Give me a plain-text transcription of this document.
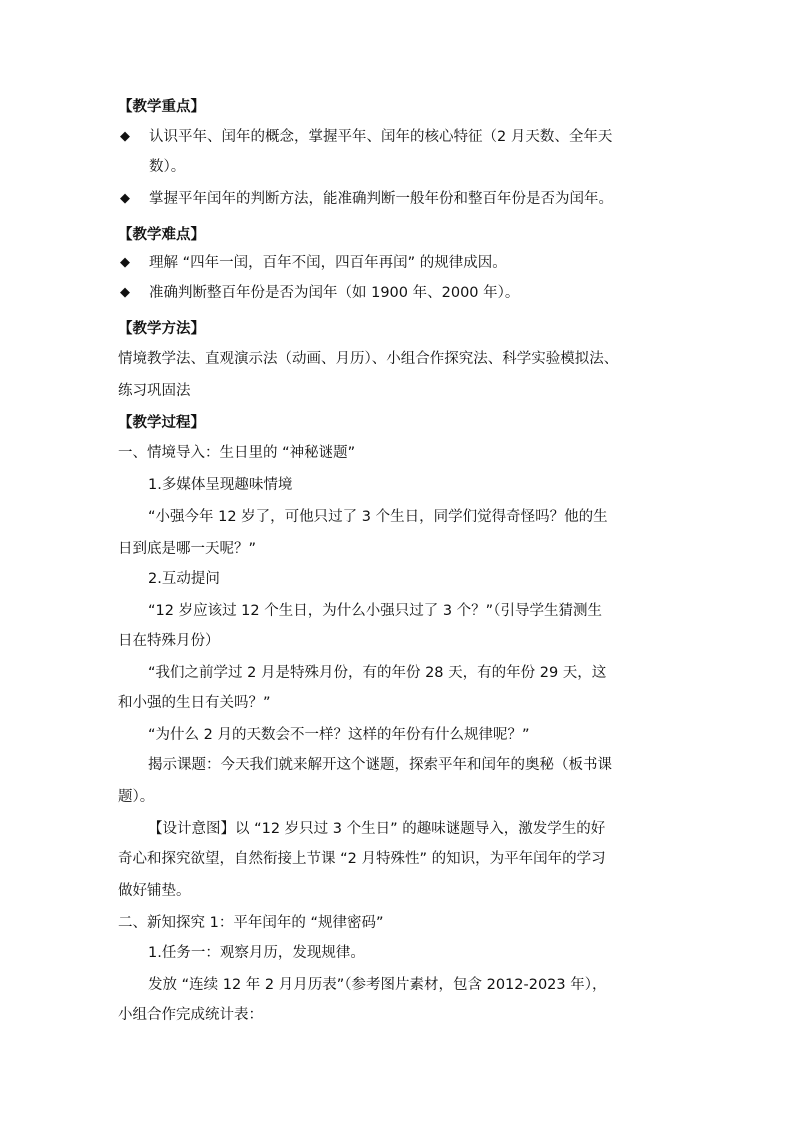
【教学重点】
◆ 认识平年、闰年的概念，掌握平年、闰年的核心特征（2 月天数、全年天
数）。
◆ 掌握平年闰年的判断方法，能准确判断一般年份和整百年份是否为闰年。
【教学难点】
◆ 理解 “四年一闰，百年不闰，四百年再闰” 的规律成因。
◆ 准确判断整百年份是否为闰年（如 1900 年、2000 年）。
【教学方法】
情境教学法、直观演示法（动画、月历）、小组合作探究法、科学实验模拟法、
练习巩固法
【教学过程】
一、情境导入：生日里的 “神秘谜题”
1.多媒体呈现趣味情境
“小强今年 12 岁了，可他只过了 3 个生日，同学们觉得奇怪吗？他的生
日到底是哪一天呢？”
2.互动提问
“12 岁应该过 12 个生日，为什么小强只过了 3 个？”（引导学生猜测生
日在特殊月份）
“我们之前学过 2 月是特殊月份，有的年份 28 天，有的年份 29 天，这
和小强的生日有关吗？”
“为什么 2 月的天数会不一样？这样的年份有什么规律呢？”
揭示课题：今天我们就来解开这个谜题，探索平年和闰年的奥秘（板书课
题）。
【设计意图】以 “12 岁只过 3 个生日” 的趣味谜题导入，激发学生的好
奇心和探究欲望，自然衔接上节课 “2 月特殊性” 的知识，为平年闰年的学习
做好铺垫。
二、新知探究 1：平年闰年的 “规律密码”
1.任务一：观察月历，发现规律。
发放 “连续 12 年 2 月月历表”（参考图片素材，包含 2012-2023 年），
小组合作完成统计表：
